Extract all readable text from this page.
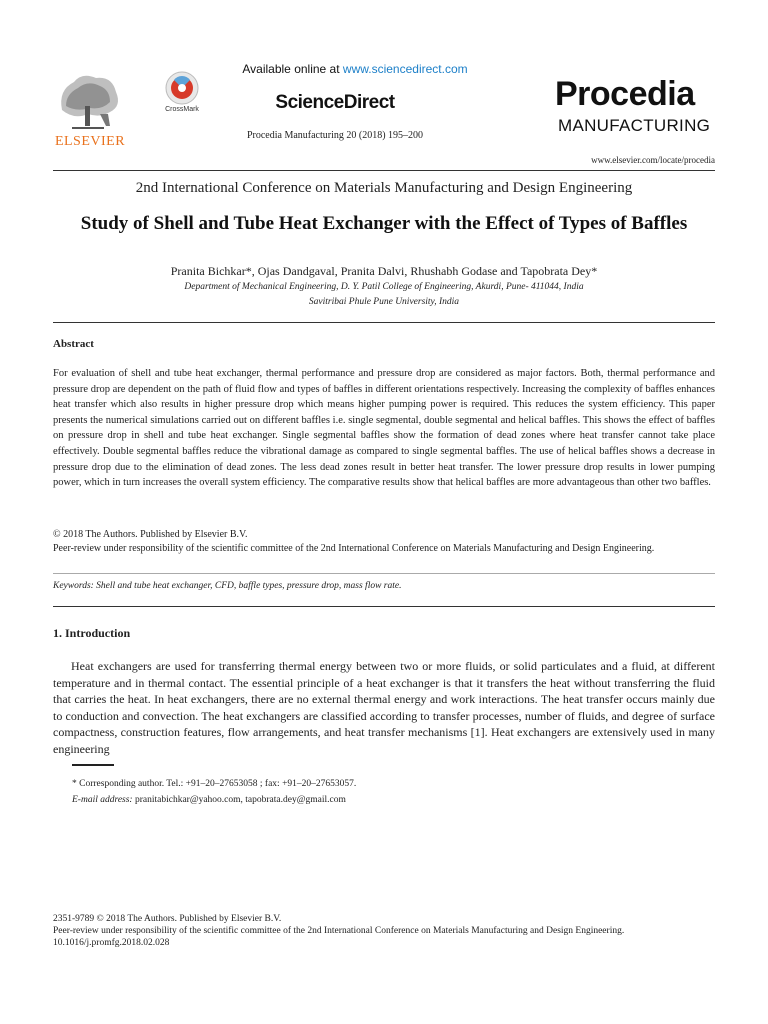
ELSEVIER
CrossMark
Available online at www.sciencedirect.com
ScienceDirect
Procedia Manufacturing 20 (2018) 195–200
Procedia
MANUFACTURING
www.elsevier.com/locate/procedia
2nd International Conference on Materials Manufacturing and Design Engineering
Study of Shell and Tube Heat Exchanger with the Effect of Types of Baffles
Pranita Bichkar*, Ojas Dandgaval, Pranita Dalvi, Rhushabh Godase and Tapobrata Dey*
Department of Mechanical Engineering, D. Y. Patil College of Engineering, Akurdi, Pune- 411044, India
Savitribai Phule Pune University, India
Abstract
For evaluation of shell and tube heat exchanger, thermal performance and pressure drop are considered as major factors. Both, thermal performance and pressure drop are dependent on the path of fluid flow and types of baffles in different orientations respectively. Increasing the complexity of baffles enhances heat transfer which also results in higher pressure drop which means higher pumping power is required. This reduces the system efficiency. This paper presents the numerical simulations carried out on different baffles i.e. single segmental, double segmental and helical baffles. This shows the effect of baffles on pressure drop in shell and tube heat exchanger. Single segmental baffles show the formation of dead zones where heat transfer cannot take place effectively. Double segmental baffles reduce the vibrational damage as compared to single segmental baffles. The use of helical baffles shows a decrease in pressure drop due to the elimination of dead zones. The less dead zones result in better heat transfer. The lower pressure drop results in lower pumping power, which in turn increases the overall system efficiency. The comparative results show that helical baffles are more advantageous than other two baffles.
© 2018 The Authors. Published by Elsevier B.V.
Peer-review under responsibility of the scientific committee of the 2nd International Conference on Materials Manufacturing and Design Engineering.
Keywords: Shell and tube heat exchanger, CFD, baffle types, pressure drop, mass flow rate.
1. Introduction
Heat exchangers are used for transferring thermal energy between two or more fluids, or solid particulates and a fluid, at different temperature and in thermal contact. The essential principle of a heat exchanger is that it transfers the heat without transferring the fluid that carries the heat. In heat exchangers, there are no external thermal energy and work interactions. The heat transfer occurs mainly due to conduction and convection. The heat exchangers are classified according to transfer processes, number of fluids, and degree of surface compactness, construction features, flow arrangements, and heat transfer mechanisms [1]. Heat exchangers are extensively used in many engineering
* Corresponding author. Tel.: +91–20–27653058 ; fax: +91–20–27653057.
E-mail address: pranitabichkar@yahoo.com, tapobrata.dey@gmail.com
2351-9789 © 2018 The Authors. Published by Elsevier B.V.
Peer-review under responsibility of the scientific committee of the 2nd International Conference on Materials Manufacturing and Design Engineering.
10.1016/j.promfg.2018.02.028
